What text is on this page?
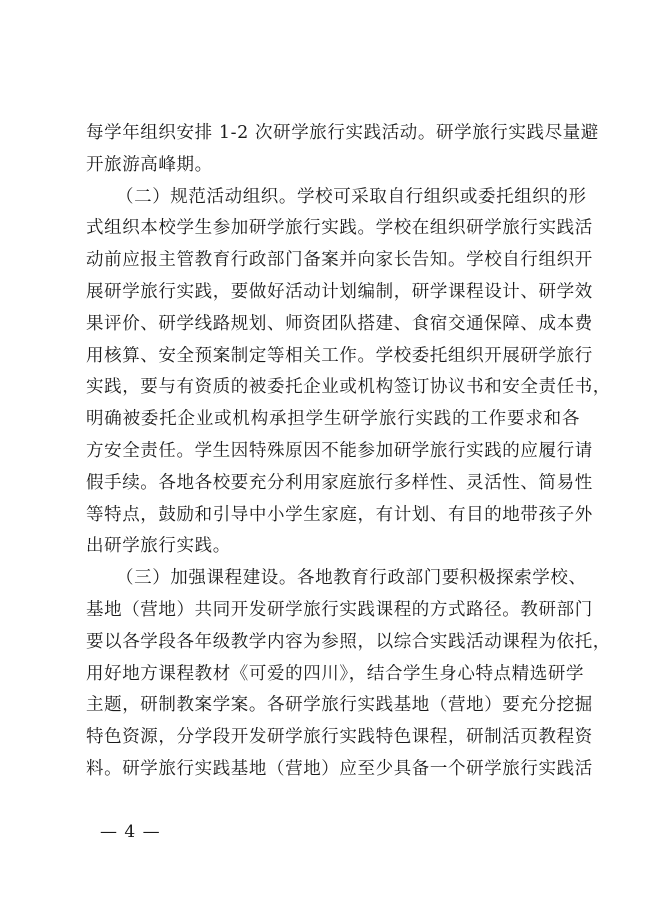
每学年组织安排 1-2 次研学旅行实践活动。研学旅行实践尽量避
开旅游高峰期。
（二）规范活动组织。学校可采取自行组织或委托组织的形
式组织本校学生参加研学旅行实践。学校在组织研学旅行实践活
动前应报主管教育行政部门备案并向家长告知。学校自行组织开
展研学旅行实践，要做好活动计划编制，研学课程设计、研学效
果评价、研学线路规划、师资团队搭建、食宿交通保障、成本费
用核算、安全预案制定等相关工作。学校委托组织开展研学旅行
实践，要与有资质的被委托企业或机构签订协议书和安全责任书，
明确被委托企业或机构承担学生研学旅行实践的工作要求和各
方安全责任。学生因特殊原因不能参加研学旅行实践的应履行请
假手续。各地各校要充分利用家庭旅行多样性、灵活性、简易性
等特点，鼓励和引导中小学生家庭，有计划、有目的地带孩子外
出研学旅行实践。
（三）加强课程建设。各地教育行政部门要积极探索学校、
基地（营地）共同开发研学旅行实践课程的方式路径。教研部门
要以各学段各年级教学内容为参照，以综合实践活动课程为依托，
用好地方课程教材《可爱的四川》，结合学生身心特点精选研学
主题，研制教案学案。各研学旅行实践基地（营地）要充分挖掘
特色资源，分学段开发研学旅行实践特色课程，研制活页教程资
料。研学旅行实践基地（营地）应至少具备一个研学旅行实践活
— 4 —
